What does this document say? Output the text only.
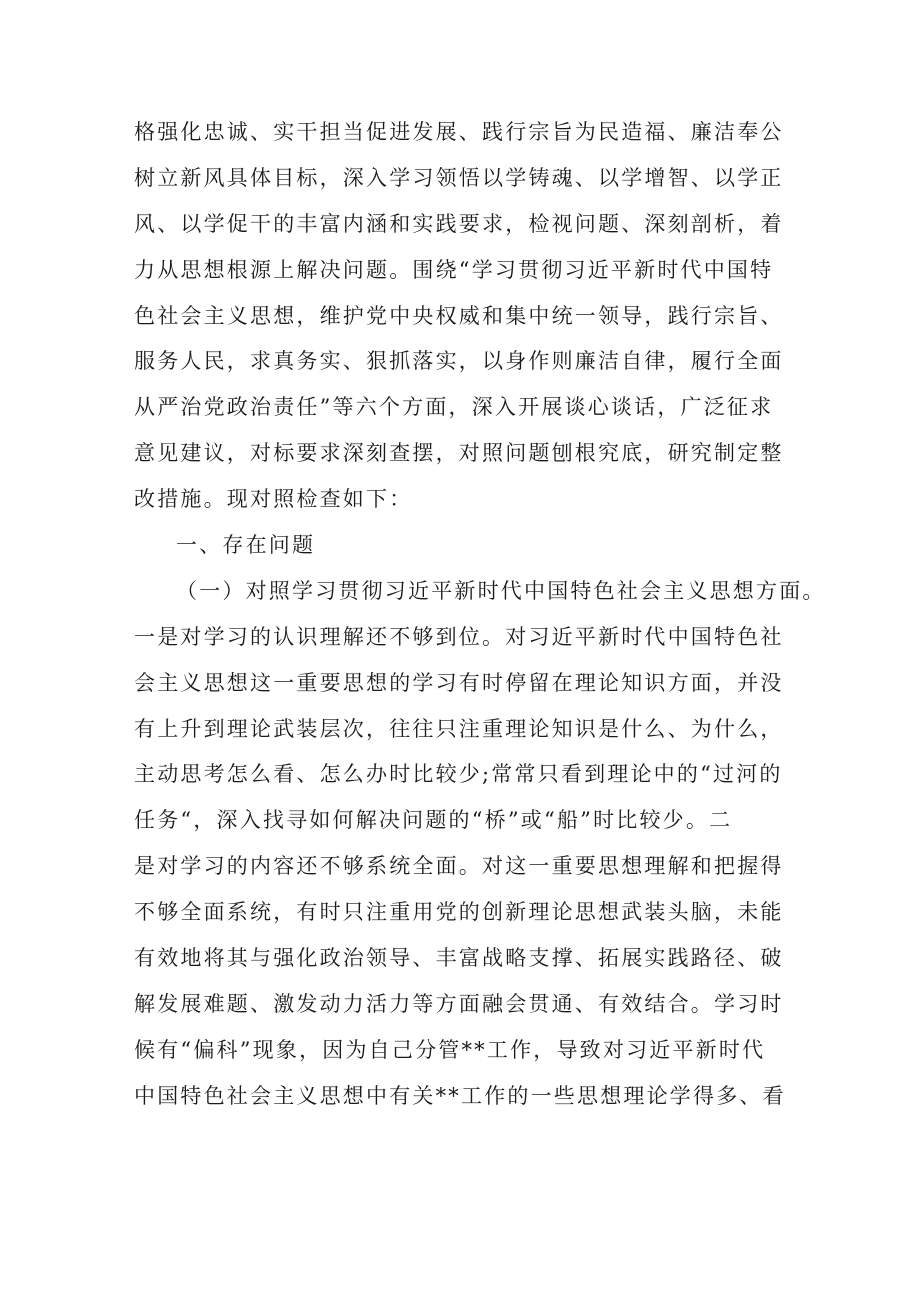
格强化忠诚、实干担当促进发展、践行宗旨为民造福、廉洁奉公
树立新风具体目标，深入学习领悟以学铸魂、以学增智、以学正
风、以学促干的丰富内涵和实践要求，检视问题、深刻剖析，着
力从思想根源上解决问题。围绕“学习贯彻习近平新时代中国特
色社会主义思想，维护党中央权威和集中统一领导，践行宗旨、
服务人民，求真务实、狠抓落实，以身作则廉洁自律，履行全面
从严治党政治责任”等六个方面，深入开展谈心谈话，广泛征求
意见建议，对标要求深刻查摆，对照问题刨根究底，研究制定整
改措施。现对照检查如下：
一、存在问题
（一）对照学习贯彻习近平新时代中国特色社会主义思想方面。
一是对学习的认识理解还不够到位。对习近平新时代中国特色社
会主义思想这一重要思想的学习有时停留在理论知识方面，并没
有上升到理论武装层次，往往只注重理论知识是什么、为什么，
主动思考怎么看、怎么办时比较少;常常只看到理论中的“过河的
任务“，深入找寻如何解决问题的“桥”或“船”时比较少。二
是对学习的内容还不够系统全面。对这一重要思想理解和把握得
不够全面系统，有时只注重用党的创新理论思想武装头脑，未能
有效地将其与强化政治领导、丰富战略支撑、拓展实践路径、破
解发展难题、激发动力活力等方面融会贯通、有效结合。学习时
候有“偏科”现象，因为自己分管**工作，导致对习近平新时代
中国特色社会主义思想中有关**工作的一些思想理论学得多、看
